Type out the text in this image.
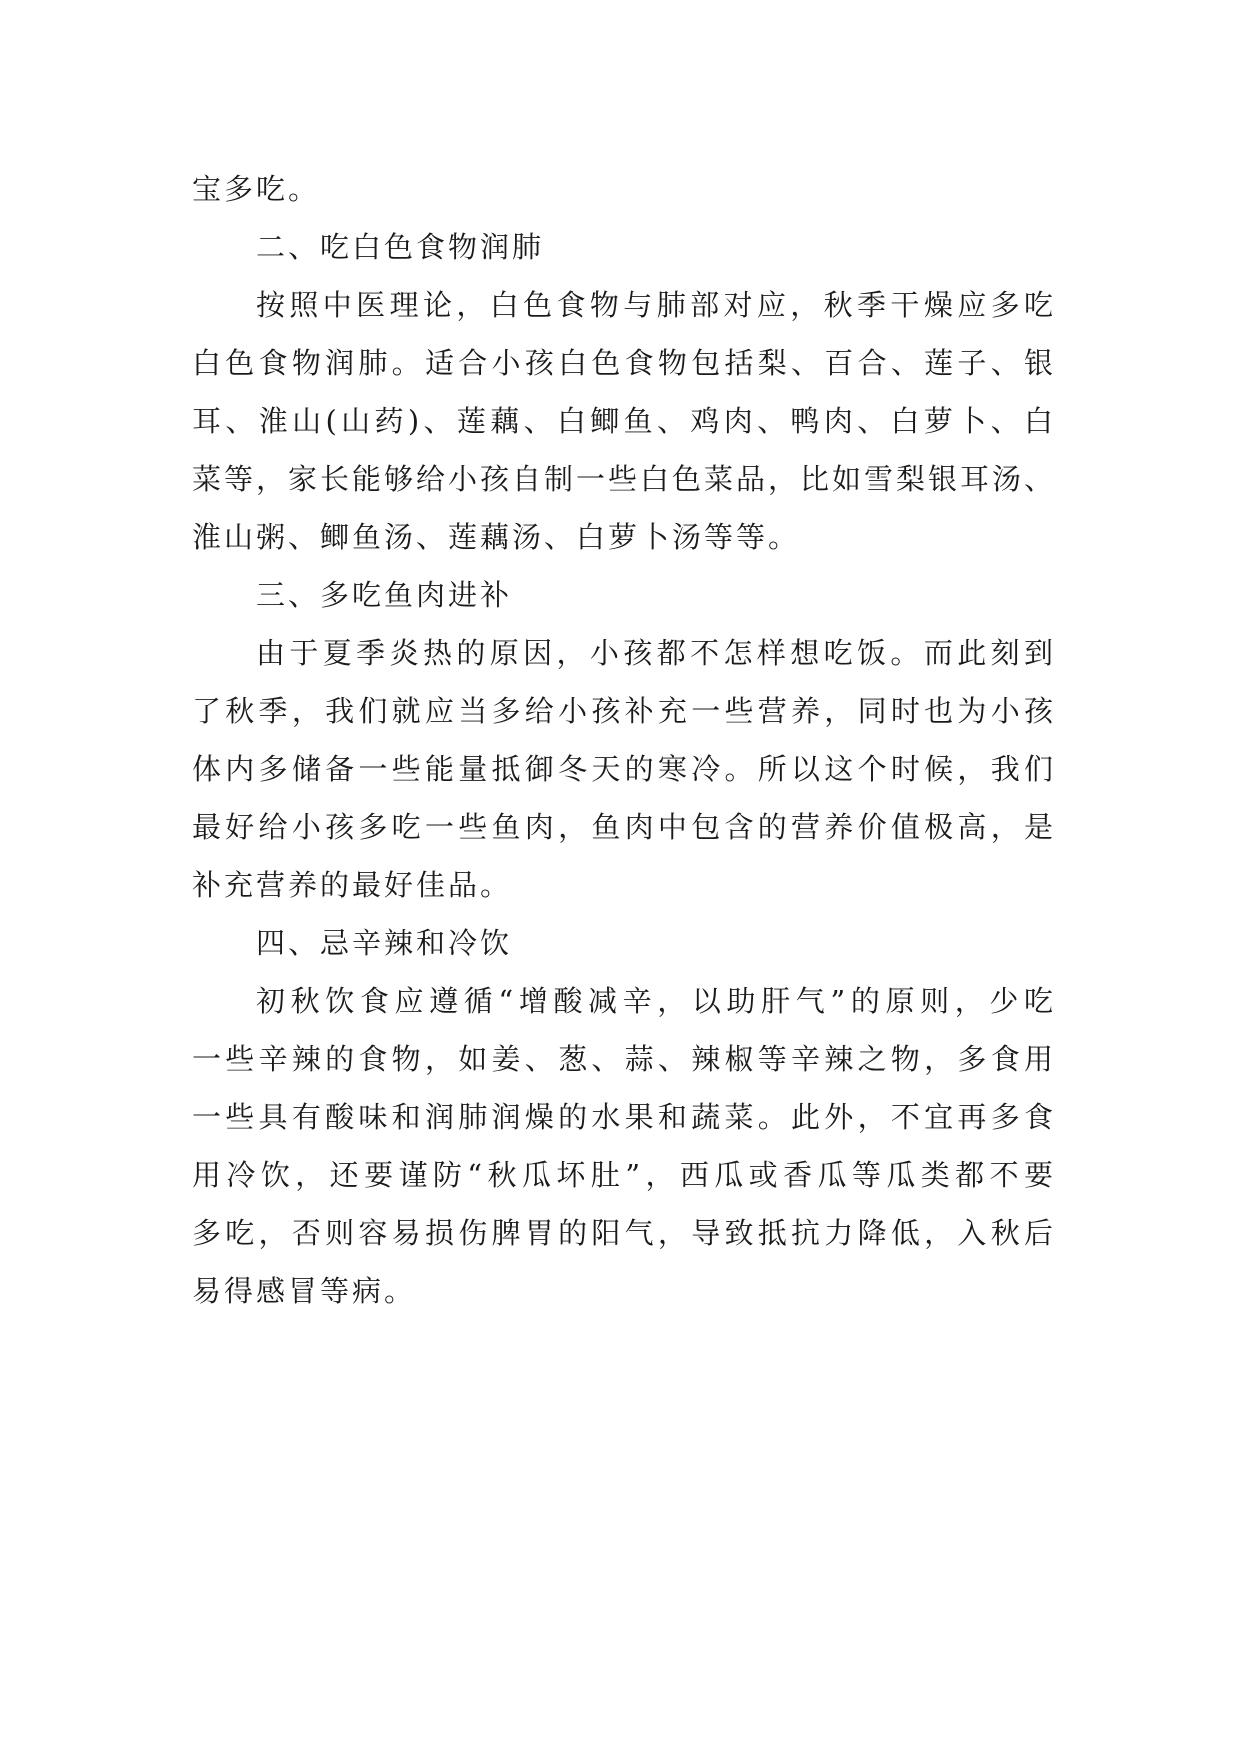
宝多吃。
二、吃白色食物润肺
按照中医理论，白色食物与肺部对应，秋季干燥应多吃
白色食物润肺。适合小孩白色食物包括梨、百合、莲子、银
耳、淮山(山药)、莲藕、白鲫鱼、鸡肉、鸭肉、白萝卜、白
菜等，家长能够给小孩自制一些白色菜品，比如雪梨银耳汤、
淮山粥、鲫鱼汤、莲藕汤、白萝卜汤等等。
三、多吃鱼肉进补
由于夏季炎热的原因，小孩都不怎样想吃饭。而此刻到
了秋季，我们就应当多给小孩补充一些营养，同时也为小孩
体内多储备一些能量抵御冬天的寒冷。所以这个时候，我们
最好给小孩多吃一些鱼肉，鱼肉中包含的营养价值极高，是
补充营养的最好佳品。
四、忌辛辣和冷饮
初秋饮食应遵循“增酸减辛，以助肝气”的原则，少吃
一些辛辣的食物，如姜、葱、蒜、辣椒等辛辣之物，多食用
一些具有酸味和润肺润燥的水果和蔬菜。此外，不宜再多食
用冷饮，还要谨防“秋瓜坏肚”，西瓜或香瓜等瓜类都不要
多吃，否则容易损伤脾胃的阳气，导致抵抗力降低，入秋后
易得感冒等病。
